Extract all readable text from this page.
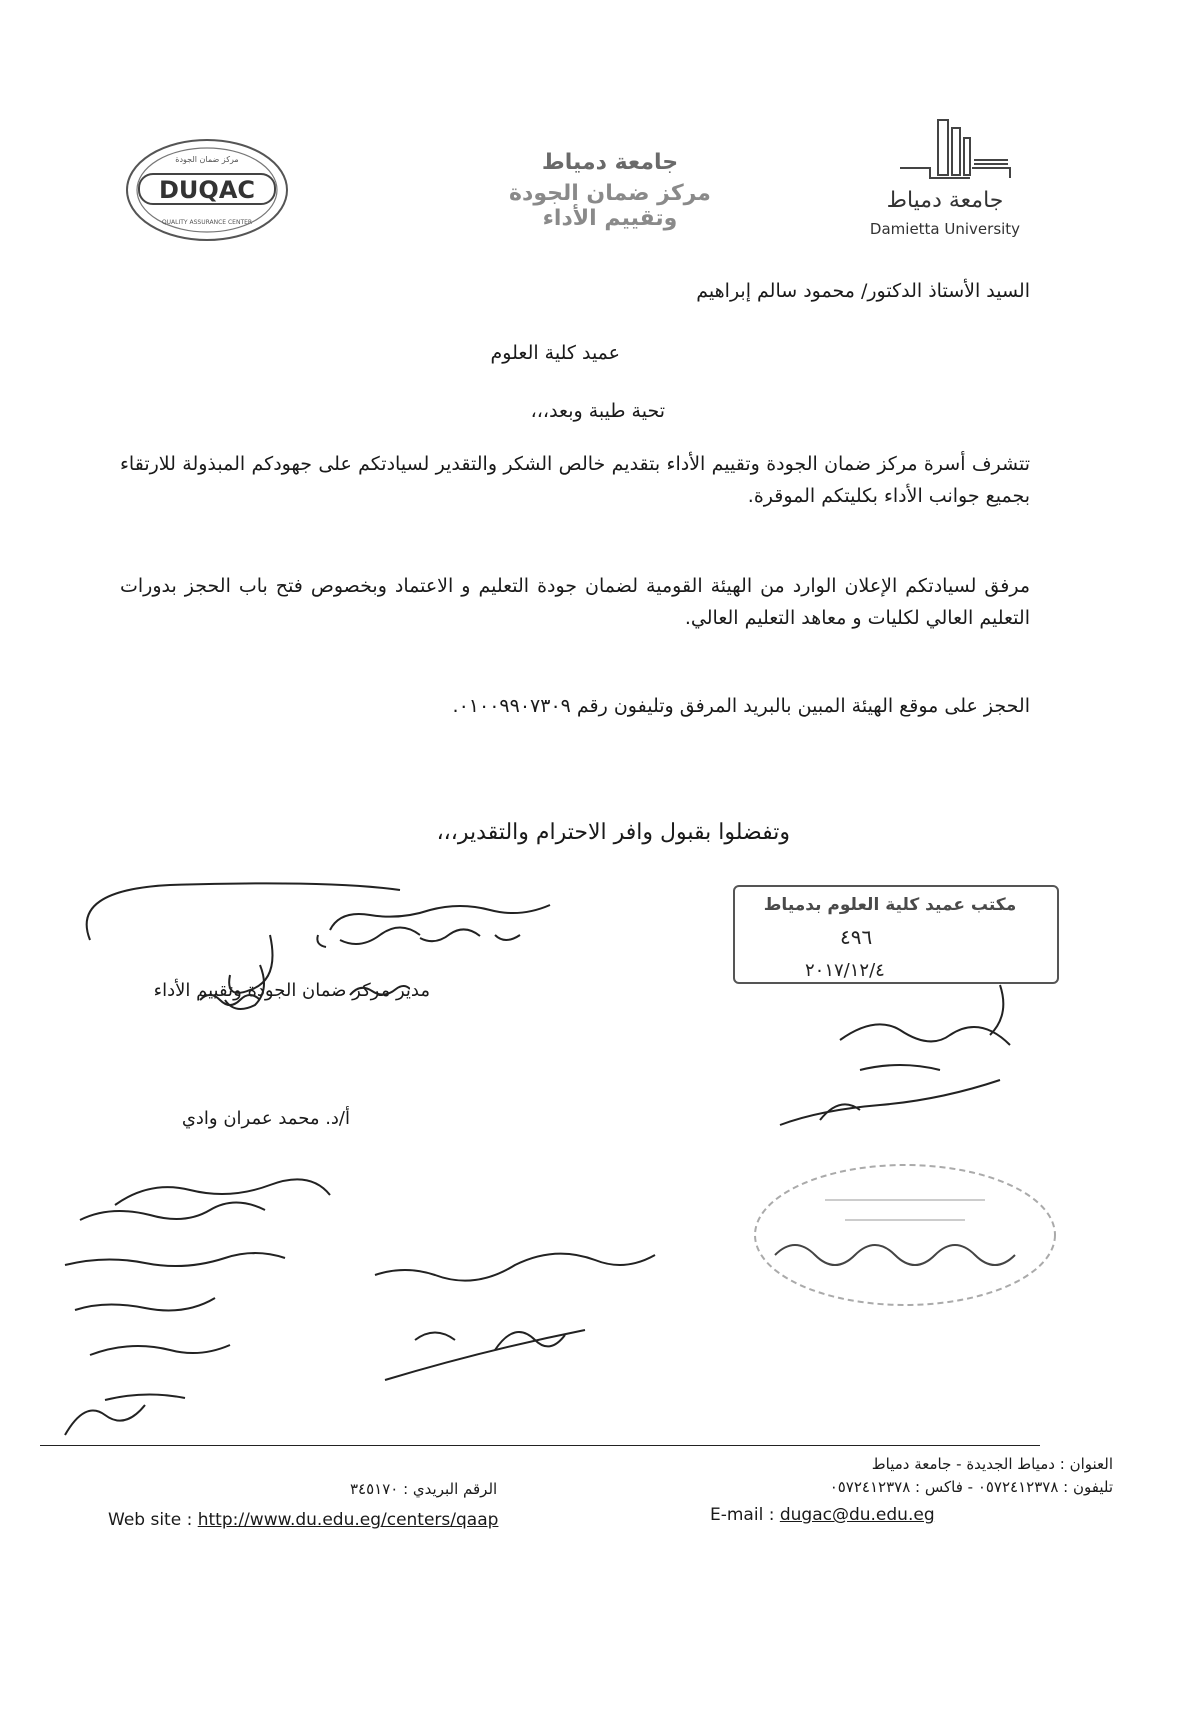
DUQAC
مركز ضمان الجودة
QUALITY ASSURANCE CENTER
جامعة دمياط
مركز ضمان الجودة وتقييم الأداء
جامعة دمياط
Damietta University
السيد الأستاذ الدكتور/ محمود سالم إبراهيم
عميد كلية العلوم
تحية طيبة وبعد،،،
تتشرف أسرة مركز ضمان الجودة وتقييم الأداء بتقديم خالص الشكر والتقدير لسيادتكم على جهودكم المبذولة للارتقاء بجميع جوانب الأداء بكليتكم الموقرة.
مرفق لسيادتكم الإعلان الوارد من الهيئة القومية لضمان جودة التعليم و الاعتماد وبخصوص فتح باب الحجز بدورات التعليم العالي لكليات و معاهد التعليم العالي.
الحجز على موقع الهيئة المبين بالبريد المرفق وتليفون رقم ٠١٠٠٩٩٠٧٣٠٩.
وتفضلوا بقبول وافر الاحترام والتقدير،،،
مدير مركز ضمان الجودة وتقييم الأداء
أ/د. محمد عمران وادي
مكتب عميد كلية العلوم بدمياط
٤٩٦
٢٠١٧/١٢/٤
العنوان : دمياط الجديدة - جامعة دمياط
تليفون : ٠٥٧٢٤١٢٣٧٨ - فاكس : ٠٥٧٢٤١٢٣٧٨
الرقم البريدي : ٣٤٥١٧٠
Web site : http://www.du.edu.eg/centers/qaap	E-mail : dugac@du.edu.eg
